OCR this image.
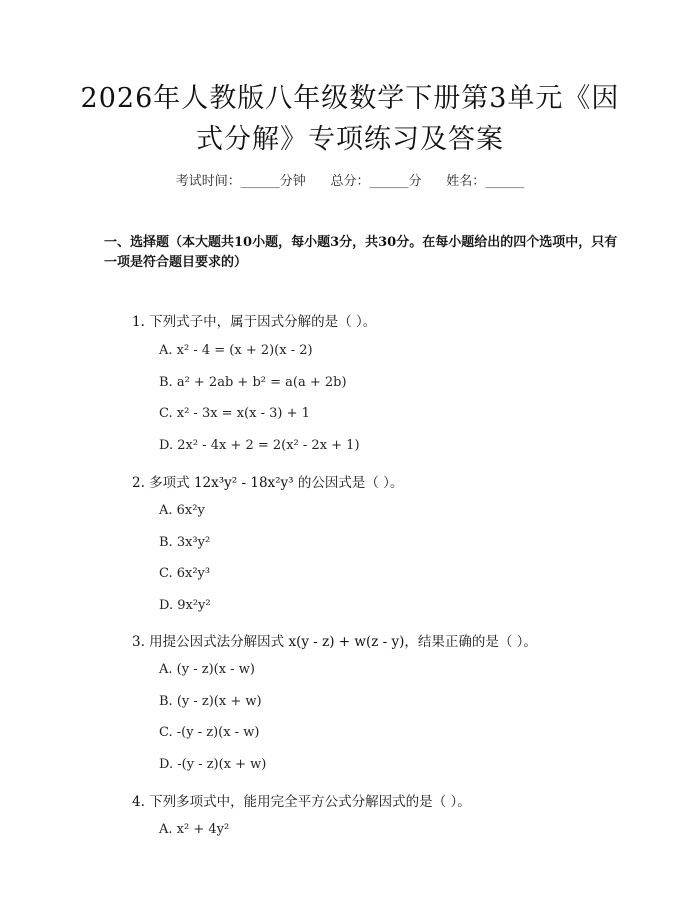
2026年人教版八年级数学下册第3单元《因
式分解》专项练习及答案
考试时间：______分钟      总分：______分      姓名：______
一、选择题（本大题共10小题，每小题3分，共30分。在每小题给出的四个选项中，只有一项是符合题目要求的）
1. 下列式子中，属于因式分解的是（ ）。
A. x² - 4 = (x + 2)(x - 2)
B. a² + 2ab + b² = a(a + 2b)
C. x² - 3x = x(x - 3) + 1
D. 2x² - 4x + 2 = 2(x² - 2x + 1)
2. 多项式 12x³y² - 18x²y³ 的公因式是（ ）。
A. 6x²y
B. 3x³y²
C. 6x²y³
D. 9x²y²
3. 用提公因式法分解因式 x(y - z) + w(z - y)，结果正确的是（ ）。
A. (y - z)(x - w)
B. (y - z)(x + w)
C. -(y - z)(x - w)
D. -(y - z)(x + w)
4. 下列多项式中，能用完全平方公式分解因式的是（ ）。
A. x² + 4y²
